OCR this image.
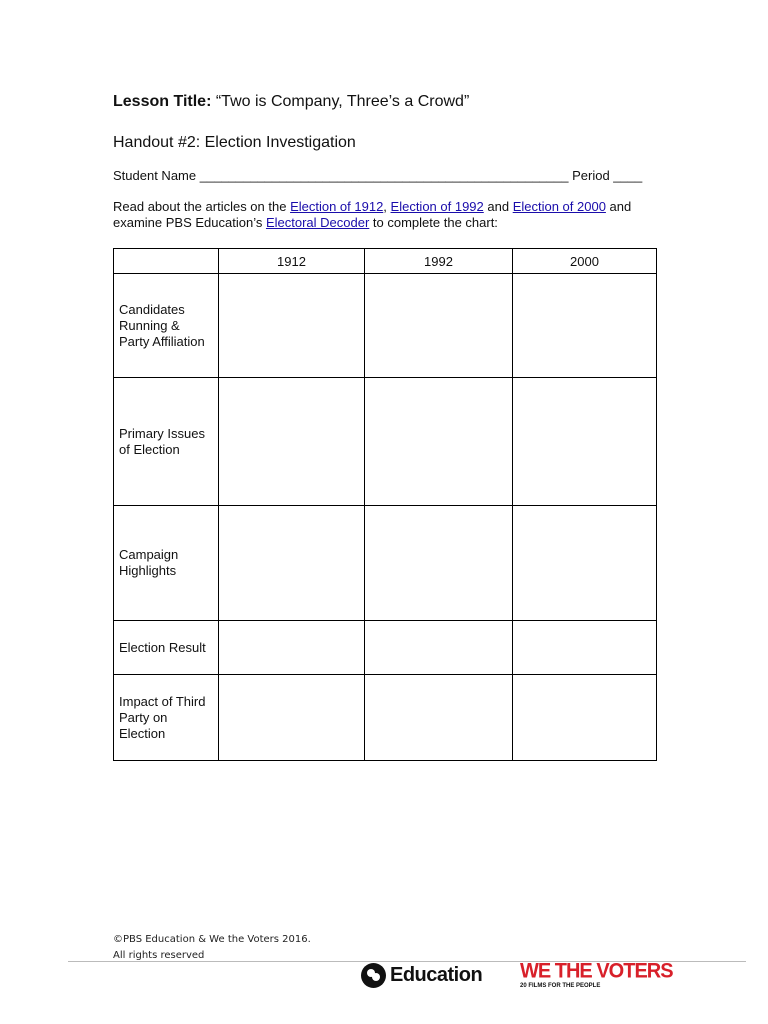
Lesson Title: “Two is Company, Three’s a Crowd”
Handout #2: Election Investigation
Student Name ___________________________________________________ Period ____
Read about the articles on the Election of 1912, Election of 1992 and Election of 2000 and examine PBS Education’s Electoral Decoder to complete the chart:
	1912	1992	2000
Candidates Running & Party Affiliation			
Primary Issues of Election			
Campaign Highlights			
Election Result			
Impact of Third Party on Election			
©PBS Education & We the Voters 2016.
All rights reserved
Education WE THE VOTERS
20 FILMS FOR THE PEOPLE
